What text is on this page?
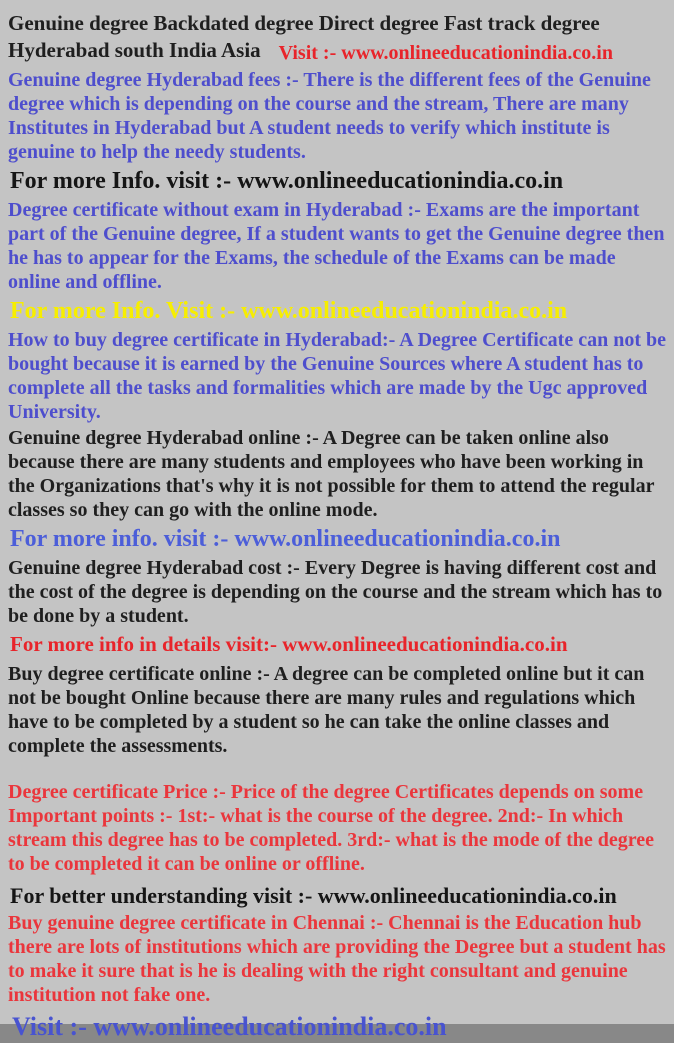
Genuine degree Backdated degree Direct degree Fast track degree Hyderabad south India Asia Visit :- www.onlineeducationindia.co.in

Genuine degree Hyderabad fees :- There is the different fees of the Genuine degree which is depending on the course and the stream, There are many Institutes in Hyderabad but A student needs to verify which institute is genuine to help the needy students.

For more Info. visit :- www.onlineeducationindia.co.in

Degree certificate without exam in Hyderabad :- Exams are the important part of the Genuine degree, If a student wants to get the Genuine degree then he has to appear for the Exams, the schedule of the Exams can be made online and offline.

For more Info. Visit :- www.onlineeducationindia.co.in

How to buy degree certificate in Hyderabad:- A Degree Certificate can not be bought because it is earned by the Genuine Sources where A student has to complete all the tasks and formalities which are made by the Ugc approved University.

Genuine degree Hyderabad online :- A Degree can be taken online also because there are many students and employees who have been working in the Organizations that's why it is not possible for them to attend the regular classes so they can go with the online mode.

For more info. visit :- www.onlineeducationindia.co.in

Genuine degree Hyderabad cost :- Every Degree is having different cost and the cost of the degree is depending on the course and the stream which has to be done by a student.

For more info in details visit:- www.onlineeducationindia.co.in

Buy degree certificate online :- A degree can be completed online but it can not be bought Online because there are many rules and regulations which have to be completed by a student so he can take the online classes and complete the assessments.

Degree certificate Price :- Price of the degree Certificates depends on some Important points :- 1st:- what is the course of the degree. 2nd:- In which stream this degree has to be completed. 3rd:- what is the mode of the degree to be completed it can be online or offline.

For better understanding visit :- www.onlineeducationindia.co.in

Buy genuine degree certificate in Chennai :- Chennai is the Education hub there are lots of institutions which are providing the Degree but a student has to make it sure that is he is dealing with the right consultant and genuine institution not fake one.

Visit :- www.onlineeducationindia.co.in
